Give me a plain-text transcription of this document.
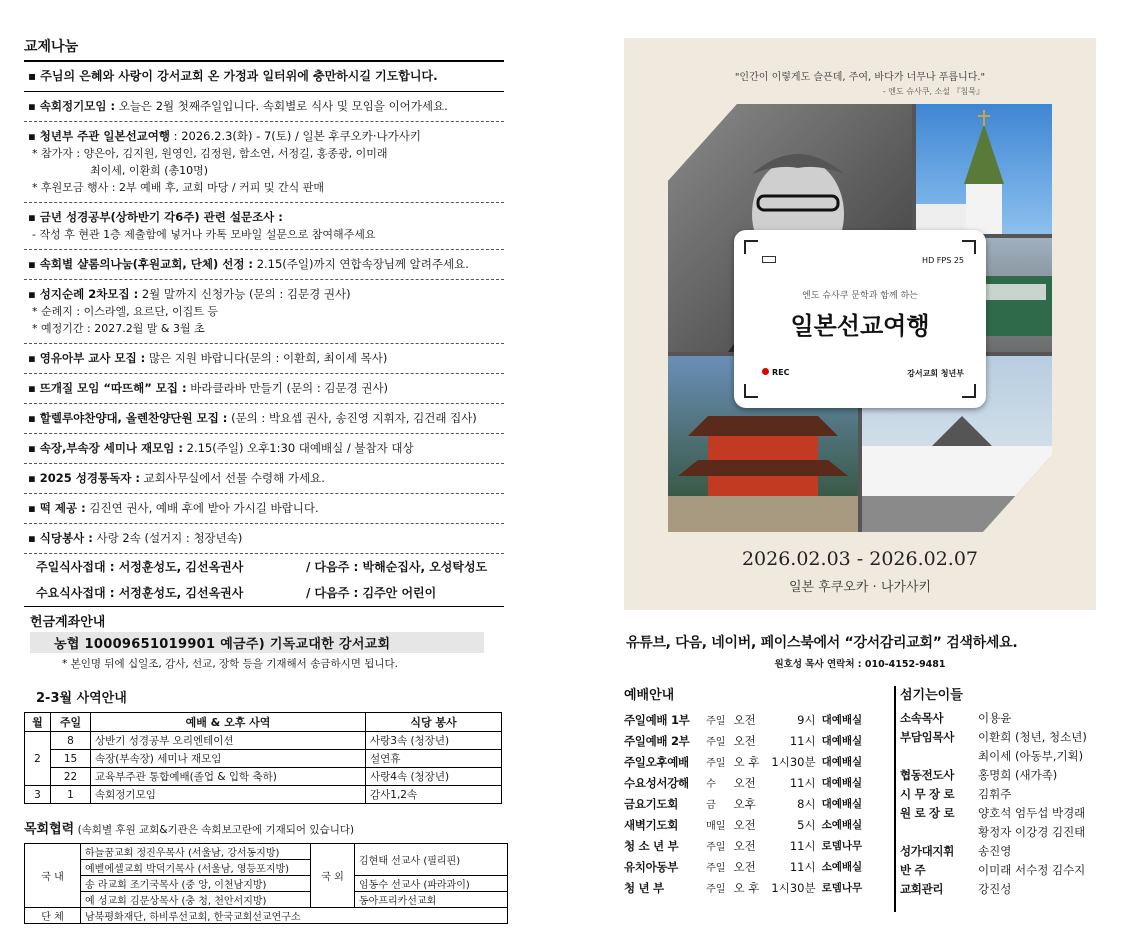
교제나눔
▪ 주님의 은혜와 사랑이 강서교회 온 가정과 일터위에 충만하시길 기도합니다.
▪ 속회정기모임 : 오늘은 2월 첫째주일입니다. 속회별로 식사 및 모임을 이어가세요.
▪ 청년부 주관 일본선교여행 : 2026.2.3(화) - 7(토) / 일본 후쿠오카·나가사키
* 참가자 : 양은아, 김지원, 원영인, 김정원, 함소연, 서정길, 홍종광, 이미래
최이세, 이환희 (총10명)
* 후원모금 행사 : 2부 예배 후, 교회 마당 / 커피 및 간식 판매
▪ 금년 성경공부(상하반기 각6주) 관련 설문조사 :
- 작성 후 현관 1층 제출함에 넣거나 카톡 모바일 설문으로 참여해주세요
▪ 속회별 샬롬의나눔(후원교회, 단체) 선정 : 2.15(주일)까지 연합속장님께 알려주세요.
▪ 성지순례 2차모집 : 2월 말까지 신청가능 (문의 : 김문경 권사)
* 순례지 : 이스라엘, 요르단, 이집트 등
* 예정기간 : 2027.2월 말 & 3월 초
▪ 영유아부 교사 모집 : 많은 지원 바랍니다(문의 : 이환희, 최이세 목사)
▪ 뜨개질 모임 “따뜨해” 모집 : 바라클라바 만들기 (문의 : 김문경 권사)
▪ 할렐루야찬양대, 올렌찬양단원 모집 : (문의 : 박요셉 권사, 송진영 지휘자, 김건래 집사)
▪ 속장,부속장 세미나 재모임 : 2.15(주일) 오후1:30 대예배실 / 불참자 대상
▪ 2025 성경통독자 : 교회사무실에서 선물 수령해 가세요.
▪ 떡 제공 : 김진연 권사, 예배 후에 받아 가시길 바랍니다.
▪ 식당봉사 : 사랑 2속 (설거지 : 청장년속)
주일식사접대 : 서정훈성도, 김선옥권사	/ 다음주 : 박해순집사, 오성탁성도
수요식사접대 : 서정훈성도, 김선옥권사	/ 다음주 : 김주안 어린이
헌금계좌안내
농협 10009651019901 예금주) 기독교대한 강서교회
* 본인명 뒤에 십일조, 감사, 선교, 장학 등을 기재해서 송금하시면 됩니다.
2-3월 사역안내
월	주일	예배 & 오후 사역	식당 봉사
2	8	상반기 성경공부 오리엔테이션	사랑3속 (청장년)
	15	속장(부속장) 세미나 재모임	설연휴
	22	교육부주관 통합예배(졸업 & 입학 축하)	사랑4속 (청장년)
3	1	속회정기모임	감사1,2속
목회협력 (속회별 후원 교회&기관은 속회보고란에 기재되어 있습니다)
국 내	하늘꿈교회 정진우목사 (서울남, 강서동지방)	국 외	김현태 선교사 (필리핀)
	예벧에셀교회 박덕기목사 (서울남, 영등포지방)		
	송 라교회 조기국목사 (중 앙, 이천남지방)		임동수 선교사 (파라과이)
	예 성교회 김문상목사 (충 청, 천안서지방)		동아프리카선교회
단 체	남북평화재단, 하비루선교회, 한국교회선교연구소		
"인간이 이렇게도 슬픈데, 주여, 바다가 너무나 푸릅니다."
- 엔도 슈사쿠, 소설 『침묵』
HD FPS 25
엔도 슈사쿠 문학과 함께 하는
일본선교여행
REC	강서교회 청년부
2026.02.03 - 2026.02.07
일본 후쿠오카 · 나가사키
유튜브, 다음, 네이버, 페이스북에서 “강서감리교회” 검색하세요.
원호성 목사 연락처 : 010-4152-9481
예배안내
주일예배 1부	주일 오전	9시 대예배실
주일예배 2부	주일 오전	11시 대예배실
주일오후예배	주일 오 후	1시30분 대예배실
수요성서강해	수	오전	11시 대예배실
금요기도회	금	오후	8시 대예배실
새벽기도회	매일 오전	5시 소예배실
청 소 년 부	주일 오전	11시 로뎀나무
유치아동부	주일 오전	11시 소예배실
청 년 부	주일 오 후	1시30분 로뎀나무
섬기는이들
소속목사	이용윤
부담임목사	이환희 (청년, 청소년)
최이세 (아동부,기획)
협동전도사	홍명희 (새가족)
시 무 장 로	김휘주
원 로 장 로	양호석 엄두섭 박경래
황정자 이강경 김진태
성가대지휘	송진영
반 주	이미래 서수정 김수지
교회관리	강진성
